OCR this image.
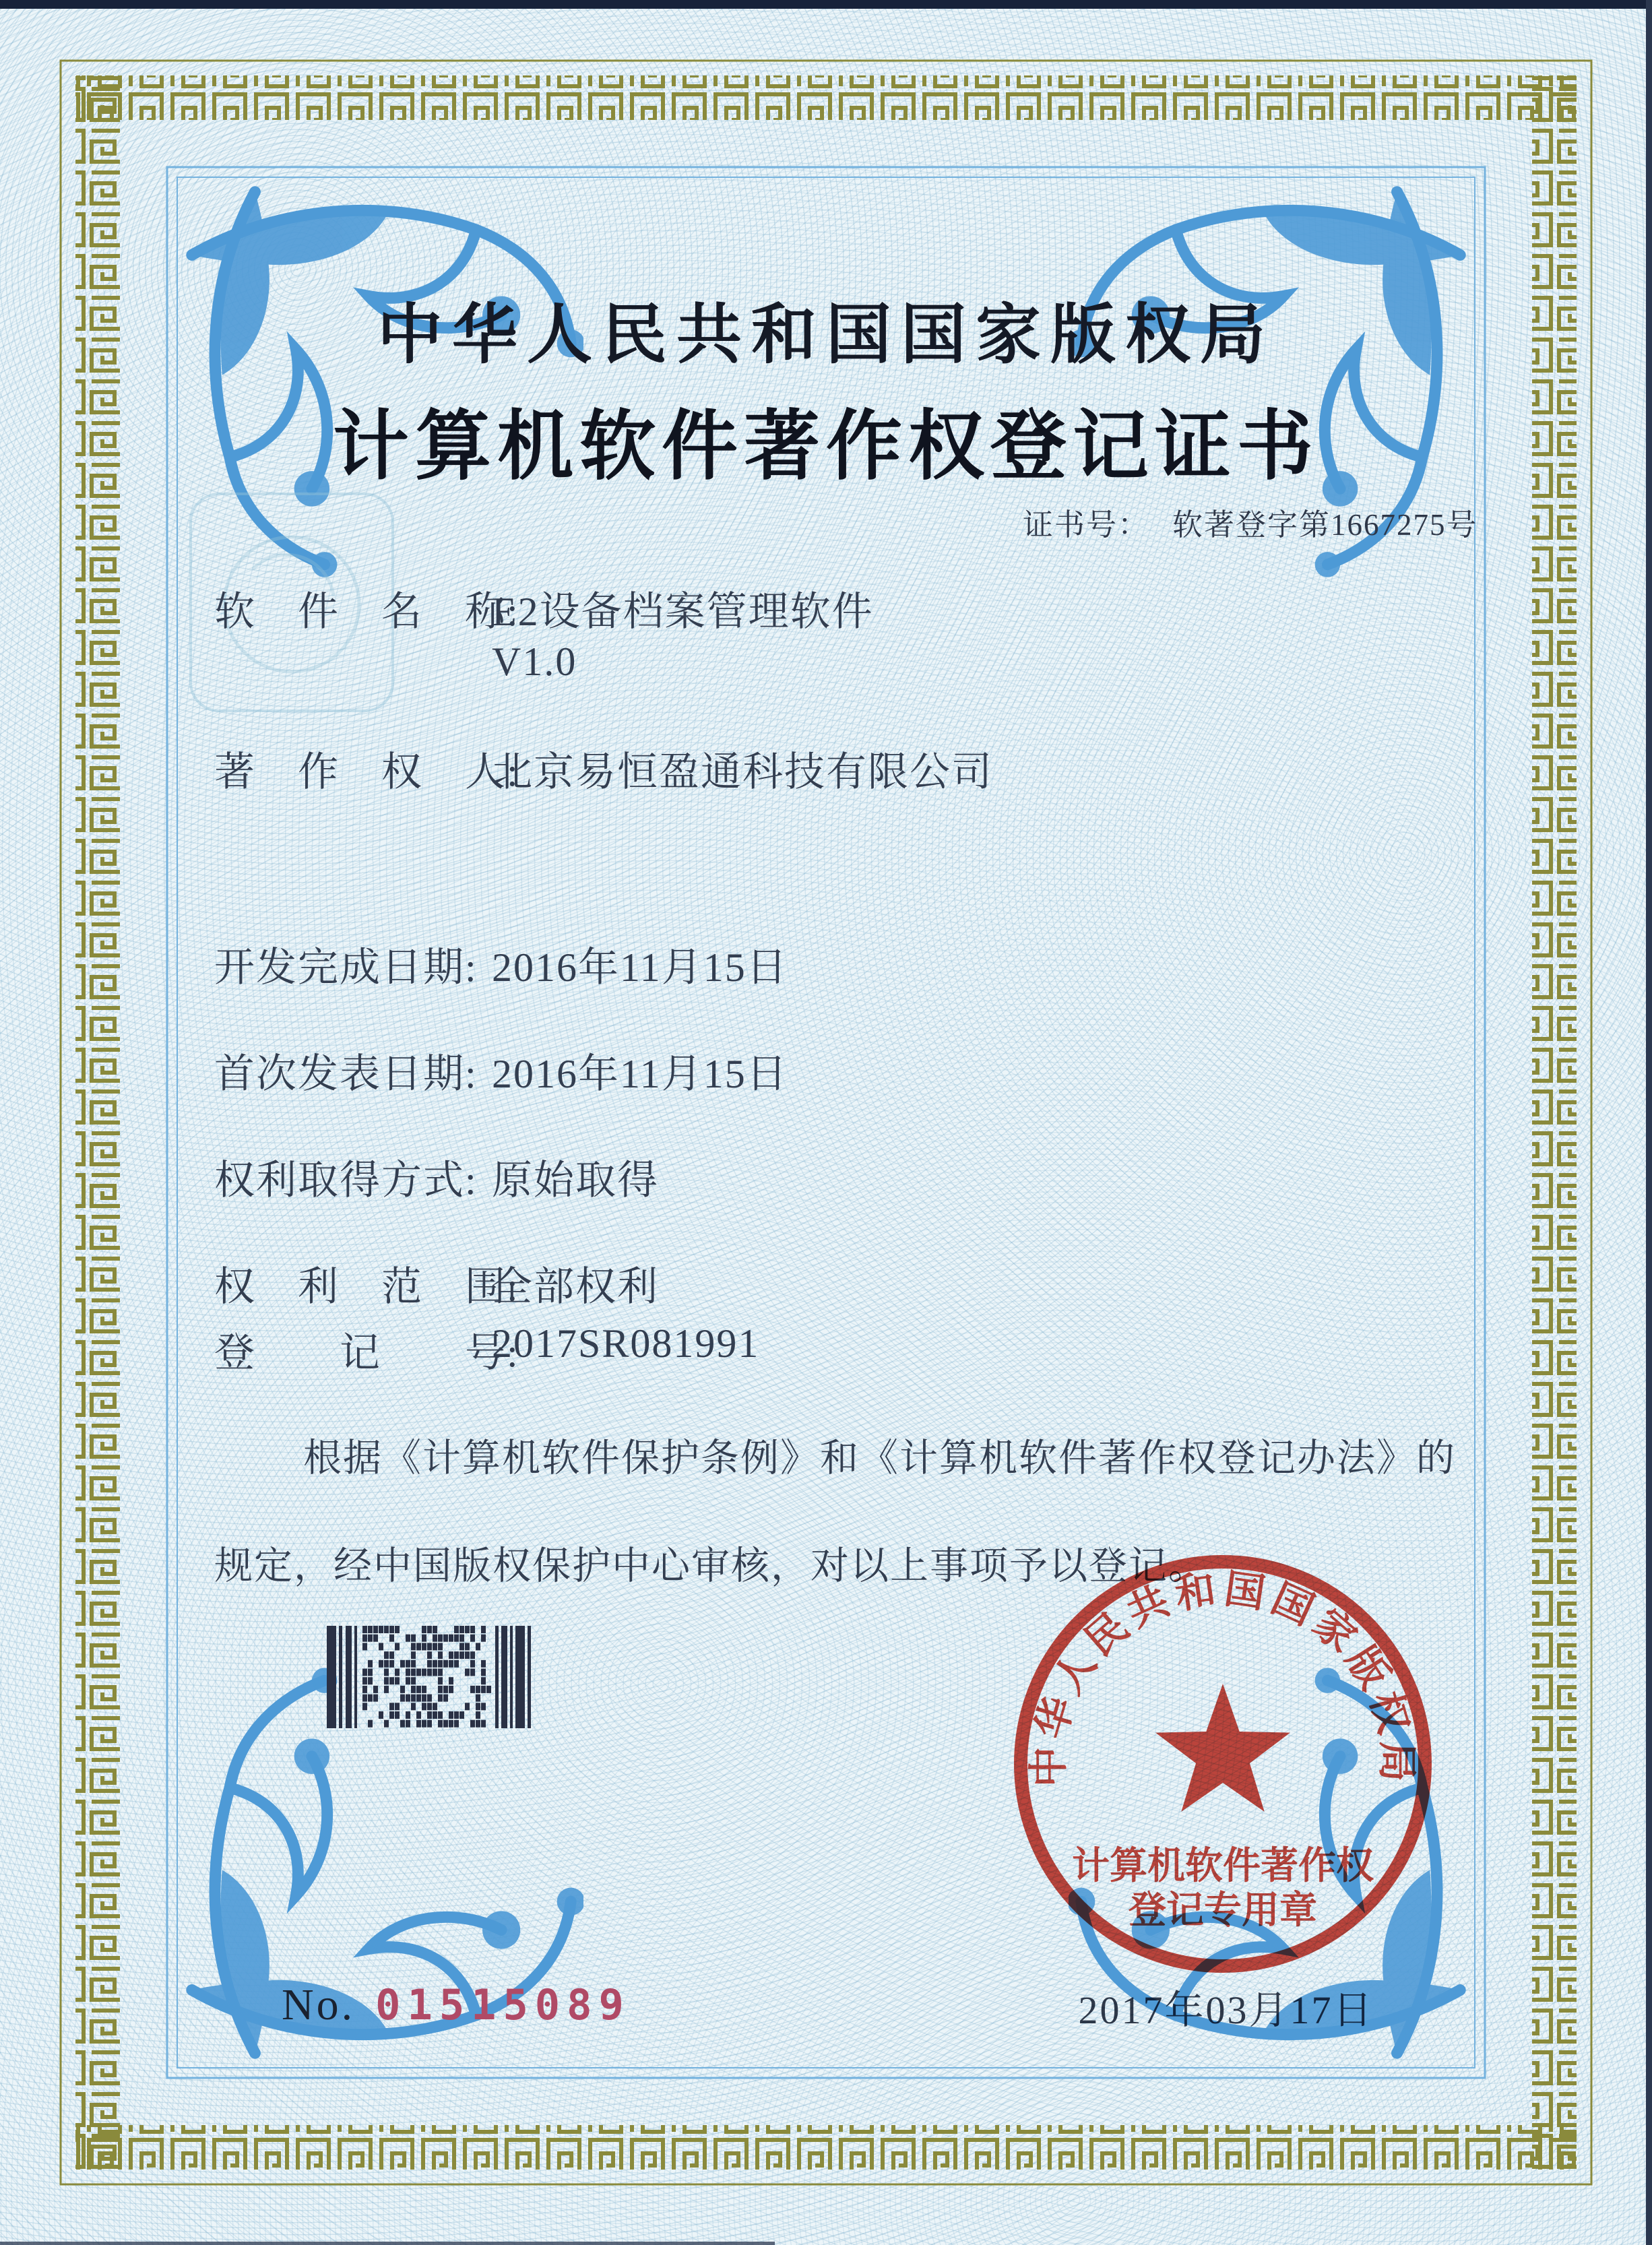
中华人民共和国国家版权局
计算机软件著作权登记证书
证书号： 软著登字第1667275号
软　件　名　称:
E2设备档案管理软件
V1.0
著　作　权　人:
北京易恒盈通科技有限公司
开发完成日期: 2016年11月15日
首次发表日期: 2016年11月15日
权利取得方式: 原始取得
权　利　范　围:
全部权利
登　　记　　号:
2017SR081991
根据《计算机软件保护条例》和《计算机软件著作权登记办法》的
规定，经中国版权保护中心审核，对以上事项予以登记。
中华人民共和国国家版权局
计算机软件著作权
登记专用章
2017年03月17日
No. 01515089
